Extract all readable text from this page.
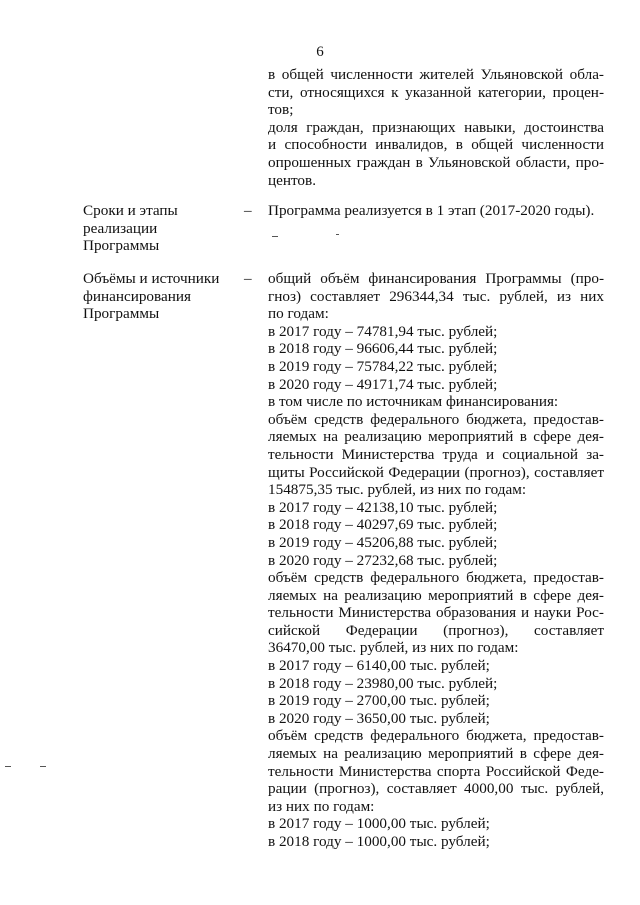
6
в общей численности жителей Ульяновской обла-
сти, относящихся к указанной категории, процен-
тов;
доля граждан, признающих навыки, достоинства
и способности инвалидов, в общей численности
опрошенных граждан в Ульяновской области, про-
центов.
Сроки и этапы
реализации
Программы
– Программа реализуется в 1 этап (2017-2020 годы).
Объёмы и источники
финансирования
Программы
– общий объём финансирования Программы (про-
гноз) составляет 296344,34 тыс. рублей, из них
по годам:
в 2017 году – 74781,94 тыс. рублей;
в 2018 году – 96606,44 тыс. рублей;
в 2019 году – 75784,22 тыс. рублей;
в 2020 году – 49171,74 тыс. рублей;
в том числе по источникам финансирования:
объём средств федерального бюджета, предостав-
ляемых на реализацию мероприятий в сфере дея-
тельности Министерства труда и социальной за-
щиты Российской Федерации (прогноз), составляет
154875,35 тыс. рублей, из них по годам:
в 2017 году – 42138,10 тыс. рублей;
в 2018 году – 40297,69 тыс. рублей;
в 2019 году – 45206,88 тыс. рублей;
в 2020 году – 27232,68 тыс. рублей;
объём средств федерального бюджета, предостав-
ляемых на реализацию мероприятий в сфере дея-
тельности Министерства образования и науки Рос-
сийской Федерации (прогноз), составляет
36470,00 тыс. рублей, из них по годам:
в 2017 году – 6140,00 тыс. рублей;
в 2018 году – 23980,00 тыс. рублей;
в 2019 году – 2700,00 тыс. рублей;
в 2020 году – 3650,00 тыс. рублей;
объём средств федерального бюджета, предостав-
ляемых на реализацию мероприятий в сфере дея-
тельности Министерства спорта Российской Феде-
рации (прогноз), составляет 4000,00 тыс. рублей,
из них по годам:
в 2017 году – 1000,00 тыс. рублей;
в 2018 году – 1000,00 тыс. рублей;
